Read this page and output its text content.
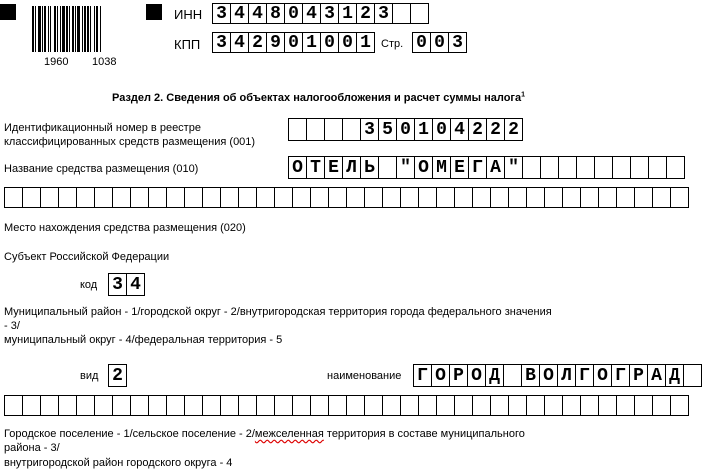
1960 1038
ИНН 3 4 4 8 0 4 3 1 2 3
КПП 3 4 2 9 0 1 0 0 1 Стр. 0 0 3
Раздел 2. Сведения об объектах налогообложения и расчет суммы налога$^1$
Идентификационный номер в реестре
классифицированных средств размещения (001)
3 5 0 1 0 4 2 2 2
Название средства размещения (010)	О Т Е Л Ь " О М Е Г А "
Место нахождения средства размещения (020)
Субъект Российской Федерации
код 3 4
Муниципальный район - 1/городской округ - 2/внутригородская территория города федерального значения
- 3/
муниципальный округ - 4/федеральная территория - 5
вид 2	наименование Г О Р О Д В О Л Г О Г Р А Д
Городское поселение - 1/сельское поселение - 2/межселенная территория в составе муниципального
района - 3/
внутригородской район городского округа - 4
